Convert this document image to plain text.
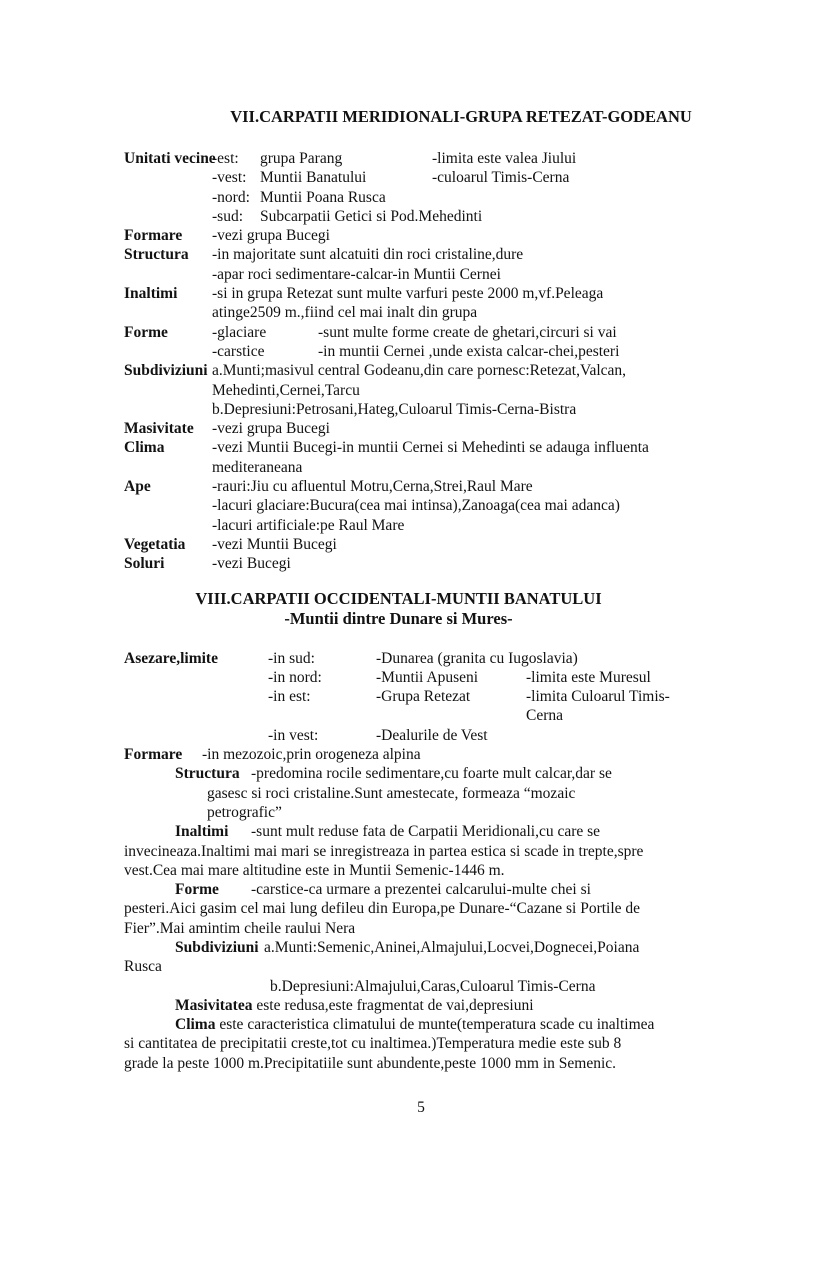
VII.CARPATII MERIDIONALI-GRUPA RETEZAT-GODEANU
Unitati vecine-est: grupa Parang	-limita este valea Jiului
-vest: Muntii Banatului	-culoarul Timis-Cerna
-nord: Muntii Poana Rusca
-sud: Subcarpatii Getici si Pod.Mehedinti
Formare -vezi grupa Bucegi
Structura -in majoritate sunt alcatuiti din roci cristaline,dure
-apar roci sedimentare-calcar-in Muntii Cernei
Inaltimi -si in grupa Retezat sunt multe varfuri peste 2000 m,vf.Peleaga
atinge2509 m.,fiind cel mai inalt din grupa
Forme	-glaciare	-sunt multe forme create de ghetari,circuri si vai
-carstice	-in muntii Cernei ,unde exista calcar-chei,pesteri
Subdiviziuni a.Munti;masivul central Godeanu,din care pornesc:Retezat,Valcan,
Mehedinti,Cernei,Tarcu
b.Depresiuni:Petrosani,Hateg,Culoarul Timis-Cerna-Bistra
Masivitate -vezi grupa Bucegi
Clima	-vezi Muntii Bucegi-in muntii Cernei si Mehedinti se adauga influenta
mediteraneana
Ape	-rauri:Jiu cu afluentul Motru,Cerna,Strei,Raul Mare
-lacuri glaciare:Bucura(cea mai intinsa),Zanoaga(cea mai adanca)
-lacuri artificiale:pe Raul Mare
Vegetatia -vezi Muntii Bucegi
Soluri	-vezi Bucegi
VIII.CARPATII OCCIDENTALI-MUNTII BANATULUI
-Muntii dintre Dunare si Mures-
Asezare,limite	-in sud:	-Dunarea (granita cu Iugoslavia)
-in nord:	-Muntii Apuseni	-limita este Muresul
-in est:	-Grupa Retezat	-limita Culoarul Timis-
Cerna
-in vest:	-Dealurile de Vest
Formare -in mezozoic,prin orogeneza alpina
Structura -predomina rocile sedimentare,cu foarte mult calcar,dar se
gasesc si roci cristaline.Sunt amestecate, formeaza “mozaic
petrografic”
Inaltimi -sunt mult reduse fata de Carpatii Meridionali,cu care se
invecineaza.Inaltimi mai mari se inregistreaza in partea estica si scade in trepte,spre
vest.Cea mai mare altitudine este in Muntii Semenic-1446 m.
Forme -carstice-ca urmare a prezentei calcarului-multe chei si
pesteri.Aici gasim cel mai lung defileu din Europa,pe Dunare-“Cazane si Portile de
Fier”.Mai amintim cheile raului Nera
Subdiviziuni a.Munti:Semenic,Aninei,Almajului,Locvei,Dognecei,Poiana
Rusca
b.Depresiuni:Almajului,Caras,Culoarul Timis-Cerna
Masivitatea este redusa,este fragmentat de vai,depresiuni
Clima este caracteristica climatului de munte(temperatura scade cu inaltimea
si cantitatea de precipitatii creste,tot cu inaltimea.)Temperatura medie este sub 8
grade la peste 1000 m.Precipitatiile sunt abundente,peste 1000 mm in Semenic.
5
